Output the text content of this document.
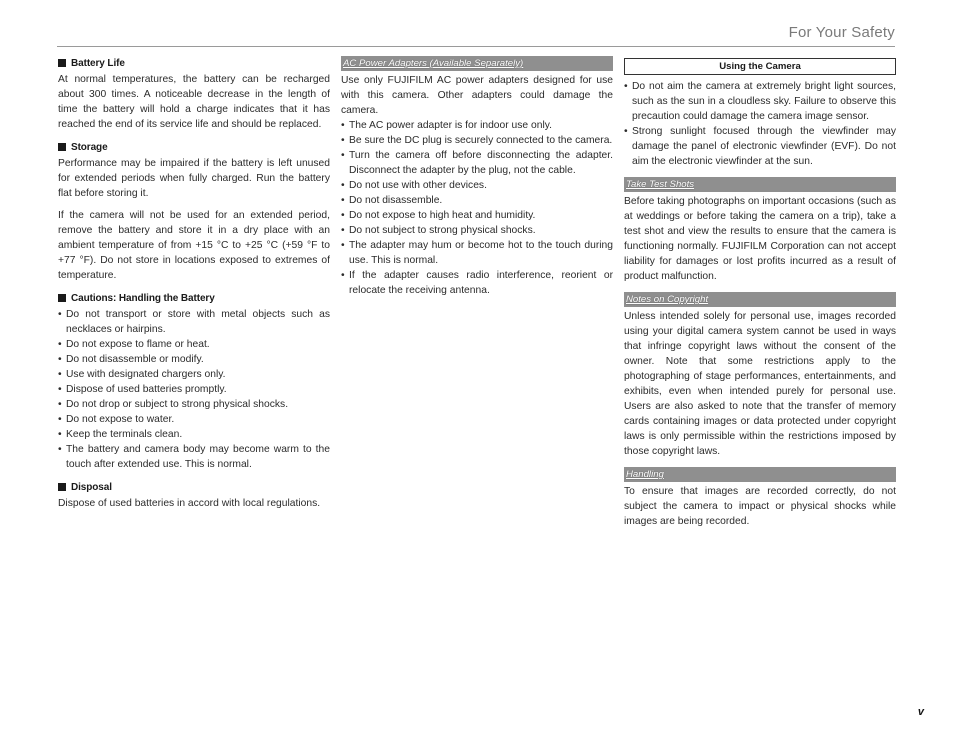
For Your Safety
Battery Life

At normal temperatures, the battery can be recharged about 300 times. A noticeable decrease in the length of time the battery will hold a charge indicates that it has reached the end of its service life and should be replaced.

Storage

Performance may be impaired if the battery is left unused for extended periods when fully charged. Run the battery flat before storing it.

If the camera will not be used for an extended period, remove the battery and store it in a dry place with an ambient temperature of from +15 °C to +25 °C (+59 °F to +77 °F). Do not store in locations exposed to extremes of temperature.

Cautions: Handling the Battery
• Do not transport or store with metal objects such as necklaces or hairpins.
• Do not expose to flame or heat.
• Do not disassemble or modify.
• Use with designated chargers only.
• Dispose of used batteries promptly.
• Do not drop or subject to strong physical shocks.
• Do not expose to water.
• Keep the terminals clean.
• The battery and camera body may become warm to the touch after extended use. This is normal.
Disposal

Dispose of used batteries in accord with local regulations.

AC Power Adapters (Available Separately)

Use only FUJIFILM AC power adapters designed for use with this camera. Other adapters could damage the camera.

• The AC power adapter is for indoor use only.
• Be sure the DC plug is securely connected to the camera.
• Turn the camera off before disconnecting the adapter. Disconnect the adapter by the plug, not the cable.
• Do not use with other devices.
• Do not disassemble.
• Do not expose to high heat and humidity.
• Do not subject to strong physical shocks.
• The adapter may hum or become hot to the touch during use. This is normal.
• If the adapter causes radio interference, reorient or relocate the receiving antenna.
Using the Camera
• Do not aim the camera at extremely bright light sources, such as the sun in a cloudless sky. Failure to observe this precaution could damage the camera image sensor.
• Strong sunlight focused through the viewfinder may damage the panel of electronic viewfinder (EVF). Do not aim the electronic viewfinder at the sun.
Take Test Shots

Before taking photographs on important occasions (such as at weddings or before taking the camera on a trip), take a test shot and view the results to ensure that the camera is functioning normally. FUJIFILM Corporation can not accept liability for damages or lost profits incurred as a result of product malfunction.

Notes on Copyright

Unless intended solely for personal use, images recorded using your digital camera system cannot be used in ways that infringe copyright laws without the consent of the owner. Note that some restrictions apply to the photographing of stage performances, entertainments, and exhibits, even when intended purely for personal use. Users are also asked to note that the transfer of memory cards containing images or data protected under copyright laws is only permissible within the restrictions imposed by those copyright laws.

Handling

To ensure that images are recorded correctly, do not subject the camera to impact or physical shocks while images are being recorded.

v
